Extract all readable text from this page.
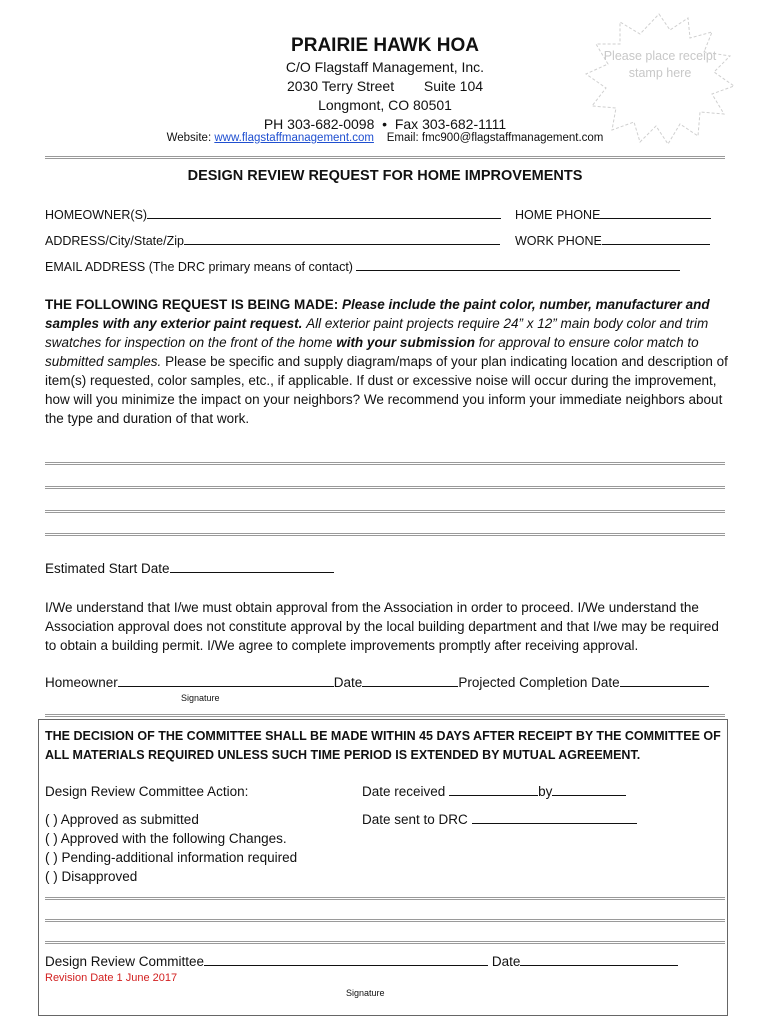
Please place receipt stamp here
PRAIRIE HAWK HOA
C/O Flagstaff Management, Inc.
2030 Terry Street Suite 104
Longmont, CO 80501
PH 303-682-0098 • Fax 303-682-1111
Website: www.flagstaffmanagement.com Email: fmc900@flagstaffmanagement.com
DESIGN REVIEW REQUEST FOR HOME IMPROVEMENTS
HOMEOWNER(S)	HOME PHONE
ADDRESS/City/State/Zip	WORK PHONE
EMAIL ADDRESS (The DRC primary means of contact)
THE FOLLOWING REQUEST IS BEING MADE: Please include the paint color, number, manufacturer and samples with any exterior paint request. All exterior paint projects require 24” x 12” main body color and trim swatches for inspection on the front of the home with your submission for approval to ensure color match to submitted samples. Please be specific and supply diagram/maps of your plan indicating location and description of item(s) requested, color samples, etc., if applicable. If dust or excessive noise will occur during the improvement, how will you minimize the impact on your neighbors? We recommend you inform your immediate neighbors about the type and duration of that work.
Estimated Start Date
I/We understand that I/we must obtain approval from the Association in order to proceed. I/We understand the Association approval does not constitute approval by the local building department and that I/we may be required to obtain a building permit. I/We agree to complete improvements promptly after receiving approval.
Homeowner	Date	Projected Completion Date
Signature
THE DECISION OF THE COMMITTEE SHALL BE MADE WITHIN 45 DAYS AFTER RECEIPT BY THE COMMITTEE OF ALL MATERIALS REQUIRED UNLESS SUCH TIME PERIOD IS EXTENDED BY MUTUAL AGREEMENT.
Design Review Committee Action:	Date received	by
( ) Approved as submitted	Date sent to DRC
( ) Approved with the following Changes.
( ) Pending-additional information required
( ) Disapproved
Design Review Committee	Date
Revision Date 1 June 2017
Signature
